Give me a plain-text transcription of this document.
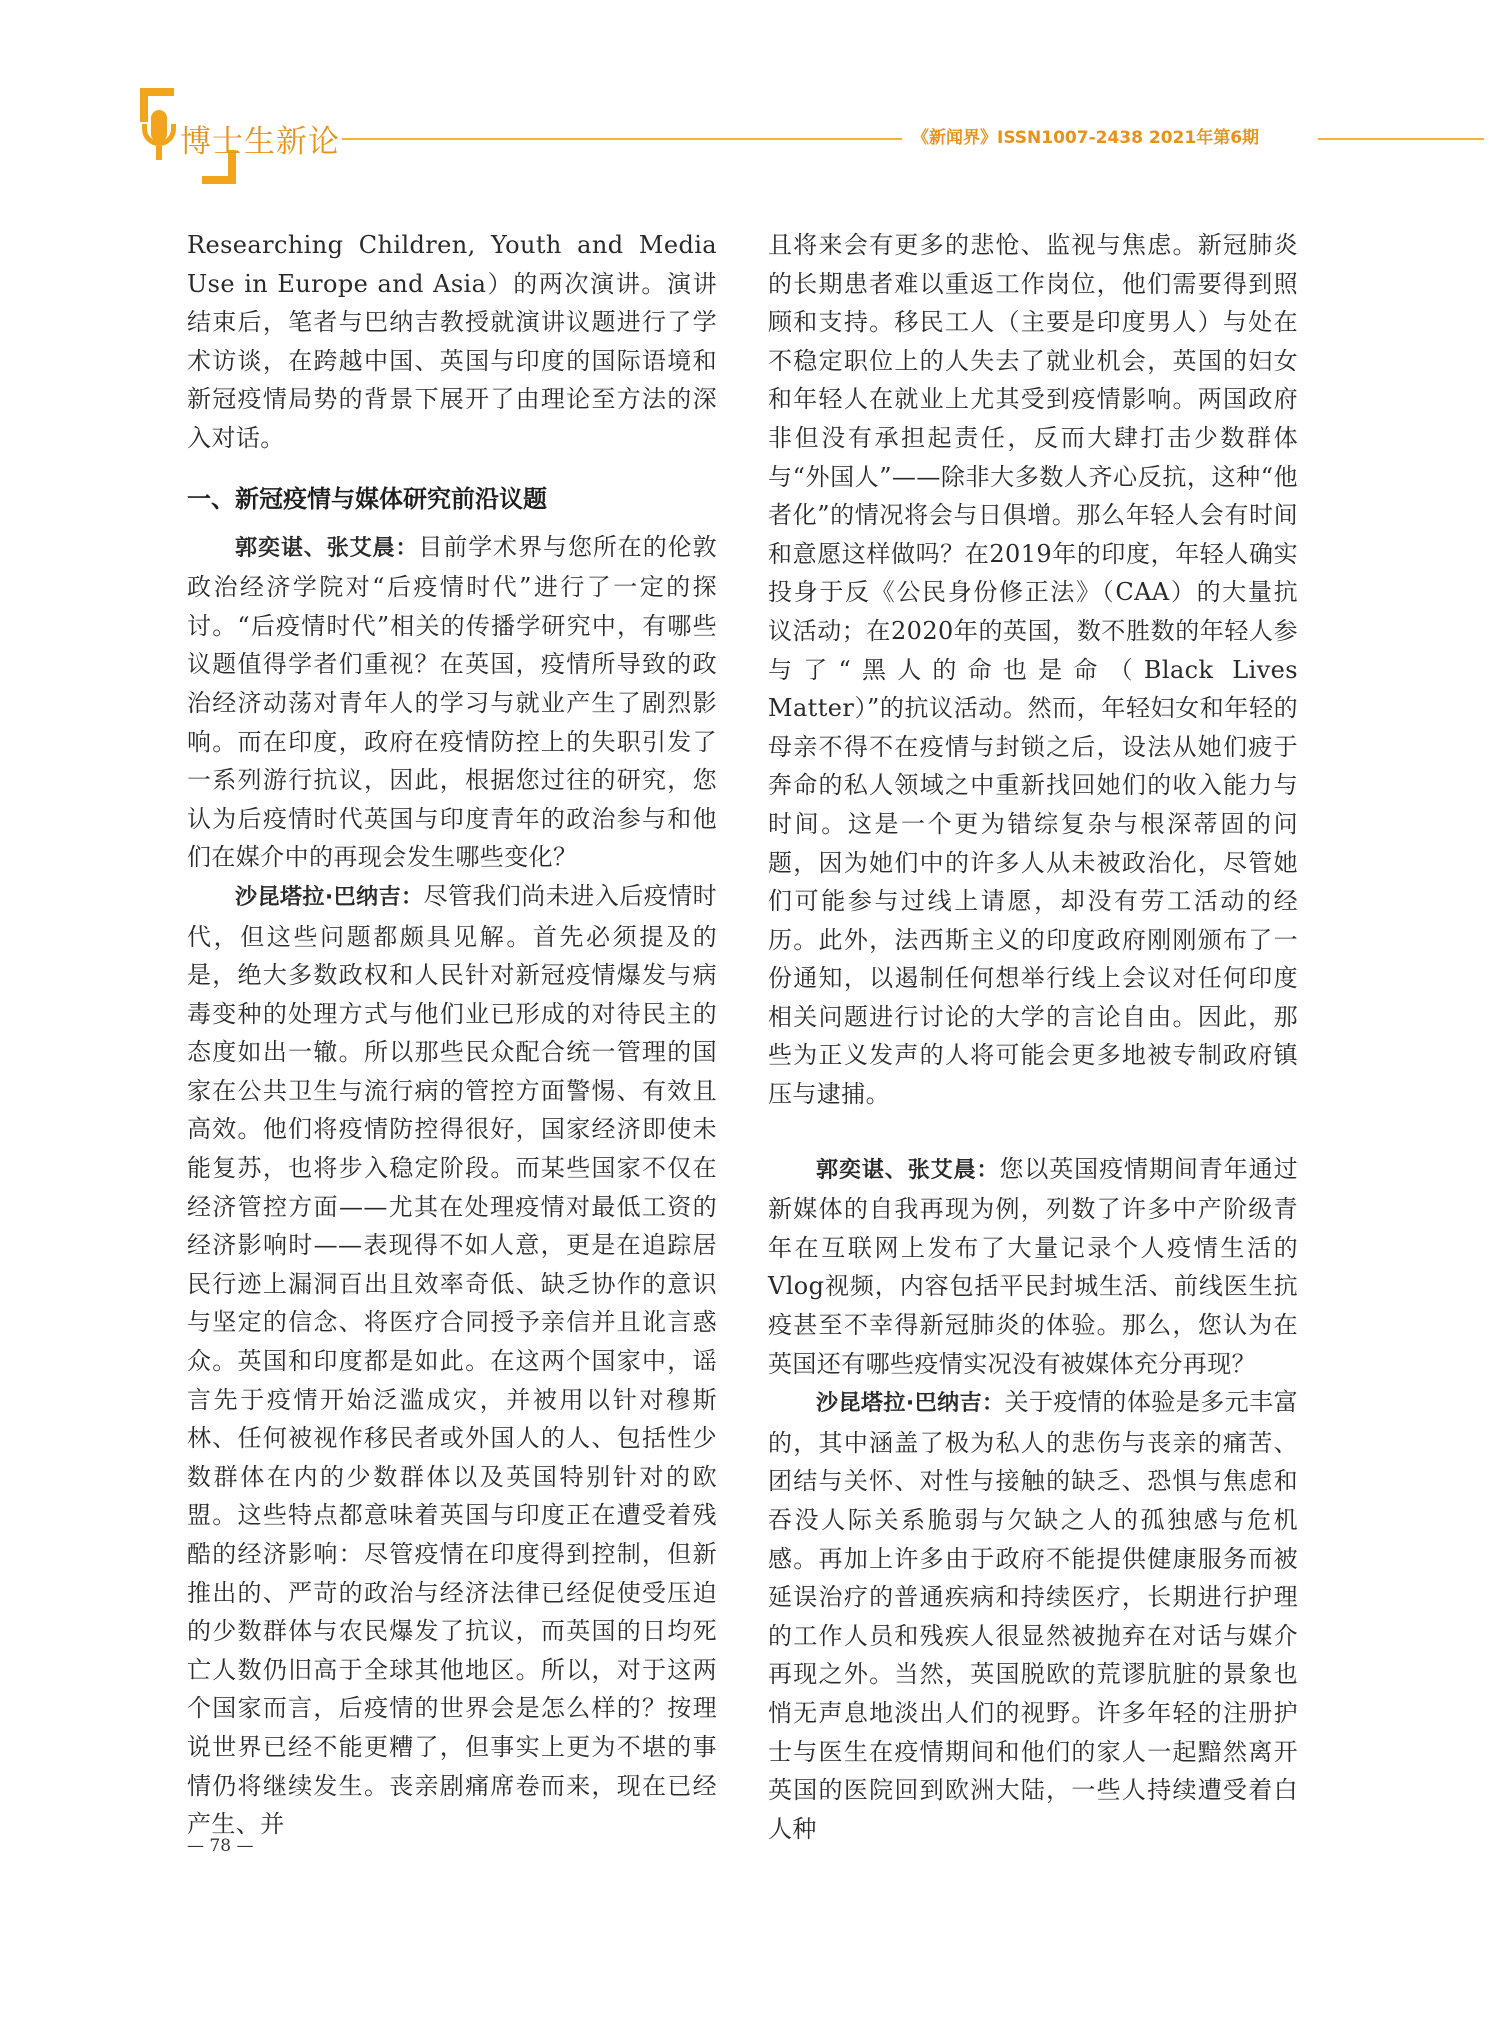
博士生新论	《新闻界》ISSN1007-2438 2021年第6期

Researching Children, Youth and Media Use in Europe and Asia）的两次演讲。演讲结束后，笔者与巴纳吉教授就演讲议题进行了学术访谈，在跨越中国、英国与印度的国际语境和新冠疫情局势的背景下展开了由理论至方法的深入对话。

一、新冠疫情与媒体研究前沿议题

郭奕谌、张艾晨：目前学术界与您所在的伦敦政治经济学院对“后疫情时代”进行了一定的探讨。“后疫情时代”相关的传播学研究中，有哪些议题值得学者们重视？在英国，疫情所导致的政治经济动荡对青年人的学习与就业产生了剧烈影响。而在印度，政府在疫情防控上的失职引发了一系列游行抗议，因此，根据您过往的研究，您认为后疫情时代英国与印度青年的政治参与和他们在媒介中的再现会发生哪些变化？

沙昆塔拉·巴纳吉：尽管我们尚未进入后疫情时代，但这些问题都颇具见解。首先必须提及的是，绝大多数政权和人民针对新冠疫情爆发与病毒变种的处理方式与他们业已形成的对待民主的态度如出一辙。所以那些民众配合统一管理的国家在公共卫生与流行病的管控方面警惕、有效且高效。他们将疫情防控得很好，国家经济即使未能复苏，也将步入稳定阶段。而某些国家不仅在经济管控方面——尤其在处理疫情对最低工资的经济影响时——表现得不如人意，更是在追踪居民行迹上漏洞百出且效率奇低、缺乏协作的意识与坚定的信念、将医疗合同授予亲信并且讹言惑众。英国和印度都是如此。在这两个国家中，谣言先于疫情开始泛滥成灾，并被用以针对穆斯林、任何被视作移民者或外国人的人、包括性少数群体在内的少数群体以及英国特别针对的欧盟。这些特点都意味着英国与印度正在遭受着残酷的经济影响：尽管疫情在印度得到控制，但新推出的、严苛的政治与经济法律已经促使受压迫的少数群体与农民爆发了抗议，而英国的日均死亡人数仍旧高于全球其他地区。所以，对于这两个国家而言，后疫情的世界会是怎么样的？按理说世界已经不能更糟了，但事实上更为不堪的事情仍将继续发生。丧亲剧痛席卷而来，现在已经产生、并

且将来会有更多的悲怆、监视与焦虑。新冠肺炎的长期患者难以重返工作岗位，他们需要得到照顾和支持。移民工人（主要是印度男人）与处在不稳定职位上的人失去了就业机会，英国的妇女和年轻人在就业上尤其受到疫情影响。两国政府非但没有承担起责任，反而大肆打击少数群体与“外国人”——除非大多数人齐心反抗，这种“他者化”的情况将会与日俱增。那么年轻人会有时间和意愿这样做吗？在2019年的印度，年轻人确实投身于反《公民身份修正法》（CAA）的大量抗议活动；在2020年的英国，数不胜数的年轻人参与了“黑人的命也是命（Black Lives Matter）”的抗议活动。然而，年轻妇女和年轻的母亲不得不在疫情与封锁之后，设法从她们疲于奔命的私人领域之中重新找回她们的收入能力与时间。这是一个更为错综复杂与根深蒂固的问题，因为她们中的许多人从未被政治化，尽管她们可能参与过线上请愿，却没有劳工活动的经历。此外，法西斯主义的印度政府刚刚颁布了一份通知，以遏制任何想举行线上会议对任何印度相关问题进行讨论的大学的言论自由。因此，那些为正义发声的人将可能会更多地被专制政府镇压与逮捕。

郭奕谌、张艾晨：您以英国疫情期间青年通过新媒体的自我再现为例，列数了许多中产阶级青年在互联网上发布了大量记录个人疫情生活的Vlog视频，内容包括平民封城生活、前线医生抗疫甚至不幸得新冠肺炎的体验。那么，您认为在英国还有哪些疫情实况没有被媒体充分再现？

沙昆塔拉·巴纳吉：关于疫情的体验是多元丰富的，其中涵盖了极为私人的悲伤与丧亲的痛苦、团结与关怀、对性与接触的缺乏、恐惧与焦虑和吞没人际关系脆弱与欠缺之人的孤独感与危机感。再加上许多由于政府不能提供健康服务而被延误治疗的普通疾病和持续医疗，长期进行护理的工作人员和残疾人很显然被抛弃在对话与媒介再现之外。当然，英国脱欧的荒谬肮脏的景象也悄无声息地淡出人们的视野。许多年轻的注册护士与医生在疫情期间和他们的家人一起黯然离开英国的医院回到欧洲大陆，一些人持续遭受着白人种

— 78 —
